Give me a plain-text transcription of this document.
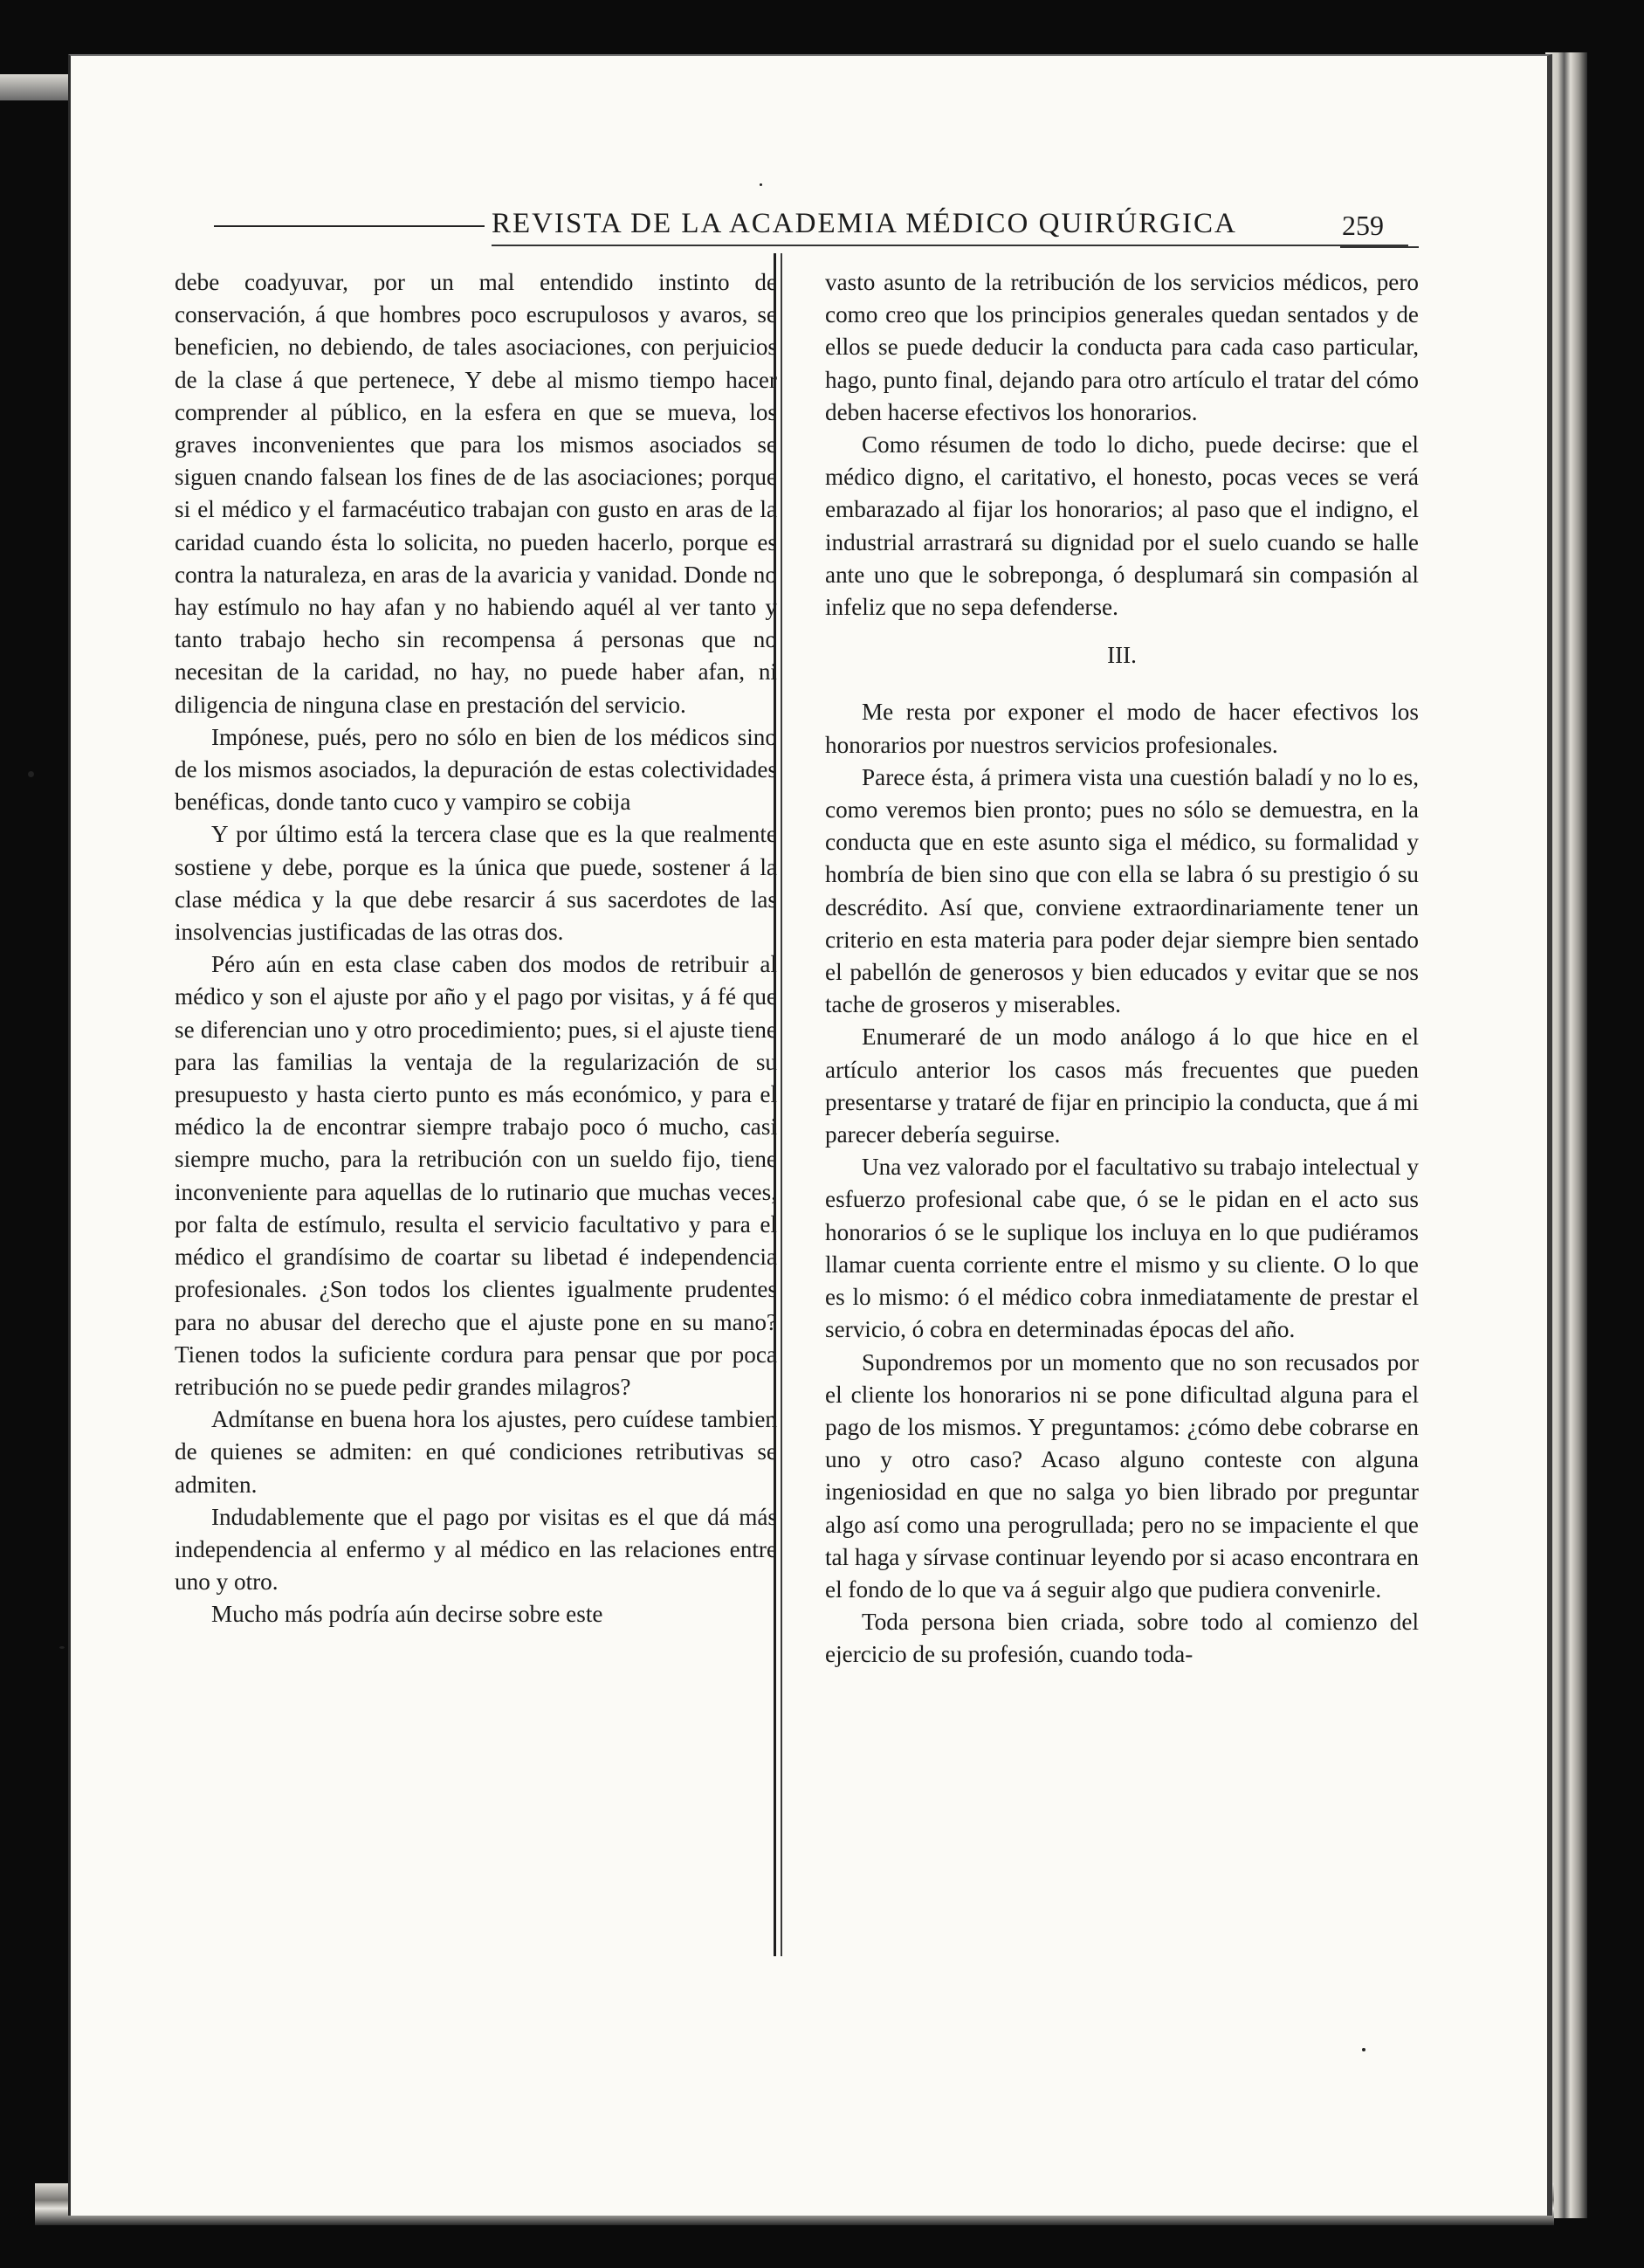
REVISTA DE LA ACADEMIA MÉDICO QUIRÚRGICA	259

debe coadyuvar, por un mal entendido instinto de conservación, á que hombres poco escrupulosos y avaros, se beneficien, no debiendo, de tales asociaciones, con perjuicios de la clase á que pertenece, Y debe al mismo tiempo hacer comprender al público, en la esfera en que se mueva, los graves inconvenientes que para los mismos asociados se siguen cnando falsean los fines de de las asociaciones; porque si el médico y el farmacéutico trabajan con gusto en aras de la caridad cuando ésta lo solicita, no pueden hacerlo, porque es contra la naturaleza, en aras de la avaricia y vanidad. Donde no hay estímulo no hay afan y no habiendo aquél al ver tanto y tanto trabajo hecho sin recompensa á personas que no necesitan de la caridad, no hay, no puede haber afan, ni diligencia de ninguna clase en prestación del servicio.

Impónese, pués, pero no sólo en bien de los médicos sino de los mismos asociados, la depuración de estas colectividades benéficas, donde tanto cuco y vampiro se cobija

Y por último está la tercera clase que es la que realmente sostiene y debe, porque es la única que puede, sostener á la clase médica y la que debe resarcir á sus sacerdotes de las insolvencias justificadas de las otras dos.

Péro aún en esta clase caben dos modos de retribuir al médico y son el ajuste por año y el pago por visitas, y á fé que se diferencian uno y otro procedimiento; pues, si el ajuste tiene para las familias la ventaja de la regularización de su presupuesto y hasta cierto punto es más económico, y para el médico la de encontrar siempre trabajo poco ó mucho, casi siempre mucho, para la retribución con un sueldo fijo, tiene inconveniente para aquellas de lo rutinario que muchas veces, por falta de estímulo, resulta el servicio facultativo y para el médico el grandísimo de coartar su libetad é independencia profesionales. ¿Son todos los clientes igualmente prudentes para no abusar del derecho que el ajuste pone en su mano? Tienen todos la suficiente cordura para pensar que por poca retribución no se puede pedir grandes milagros?

Admítanse en buena hora los ajustes, pero cuídese tambien de quienes se admiten: en qué condiciones retributivas se admiten.

Indudablemente que el pago por visitas es el que dá más independencia al enfermo y al médico en las relaciones entre uno y otro.

Mucho más podría aún decirse sobre este

vasto asunto de la retribución de los servicios médicos, pero como creo que los principios generales quedan sentados y de ellos se puede deducir la conducta para cada caso particular, hago, punto final, dejando para otro artículo el tratar del cómo deben hacerse efectivos los honorarios.

Como résumen de todo lo dicho, puede decirse: que el médico digno, el caritativo, el honesto, pocas veces se verá embarazado al fijar los honorarios; al paso que el indigno, el industrial arrastrará su dignidad por el suelo cuando se halle ante uno que le sobreponga, ó desplumará sin compasión al infeliz que no sepa defenderse.

III.

Me resta por exponer el modo de hacer efectivos los honorarios por nuestros servicios profesionales.

Parece ésta, á primera vista una cuestión baladí y no lo es, como veremos bien pronto; pues no sólo se demuestra, en la conducta que en este asunto siga el médico, su formalidad y hombría de bien sino que con ella se labra ó su prestigio ó su descrédito. Así que, conviene extraordinariamente tener un criterio en esta materia para poder dejar siempre bien sentado el pabellón de generosos y bien educados y evitar que se nos tache de groseros y miserables.

Enumeraré de un modo análogo á lo que hice en el artículo anterior los casos más frecuentes que pueden presentarse y trataré de fijar en principio la conducta, que á mi parecer debería seguirse.

Una vez valorado por el facultativo su trabajo intelectual y esfuerzo profesional cabe que, ó se le pidan en el acto sus honorarios ó se le suplique los incluya en lo que pudiéramos llamar cuenta corriente entre el mismo y su cliente. O lo que es lo mismo: ó el médico cobra inmediatamente de prestar el servicio, ó cobra en determinadas épocas del año.

Supondremos por un momento que no son recusados por el cliente los honorarios ni se pone dificultad alguna para el pago de los mismos. Y preguntamos: ¿cómo debe cobrarse en uno y otro caso? Acaso alguno conteste con alguna ingeniosidad en que no salga yo bien librado por preguntar algo así como una perogrullada; pero no se impaciente el que tal haga y sírvase continuar leyendo por si acaso encontrara en el fondo de lo que va á seguir algo que pudiera convenirle.

Toda persona bien criada, sobre todo al comienzo del ejercicio de su profesión, cuando toda-
